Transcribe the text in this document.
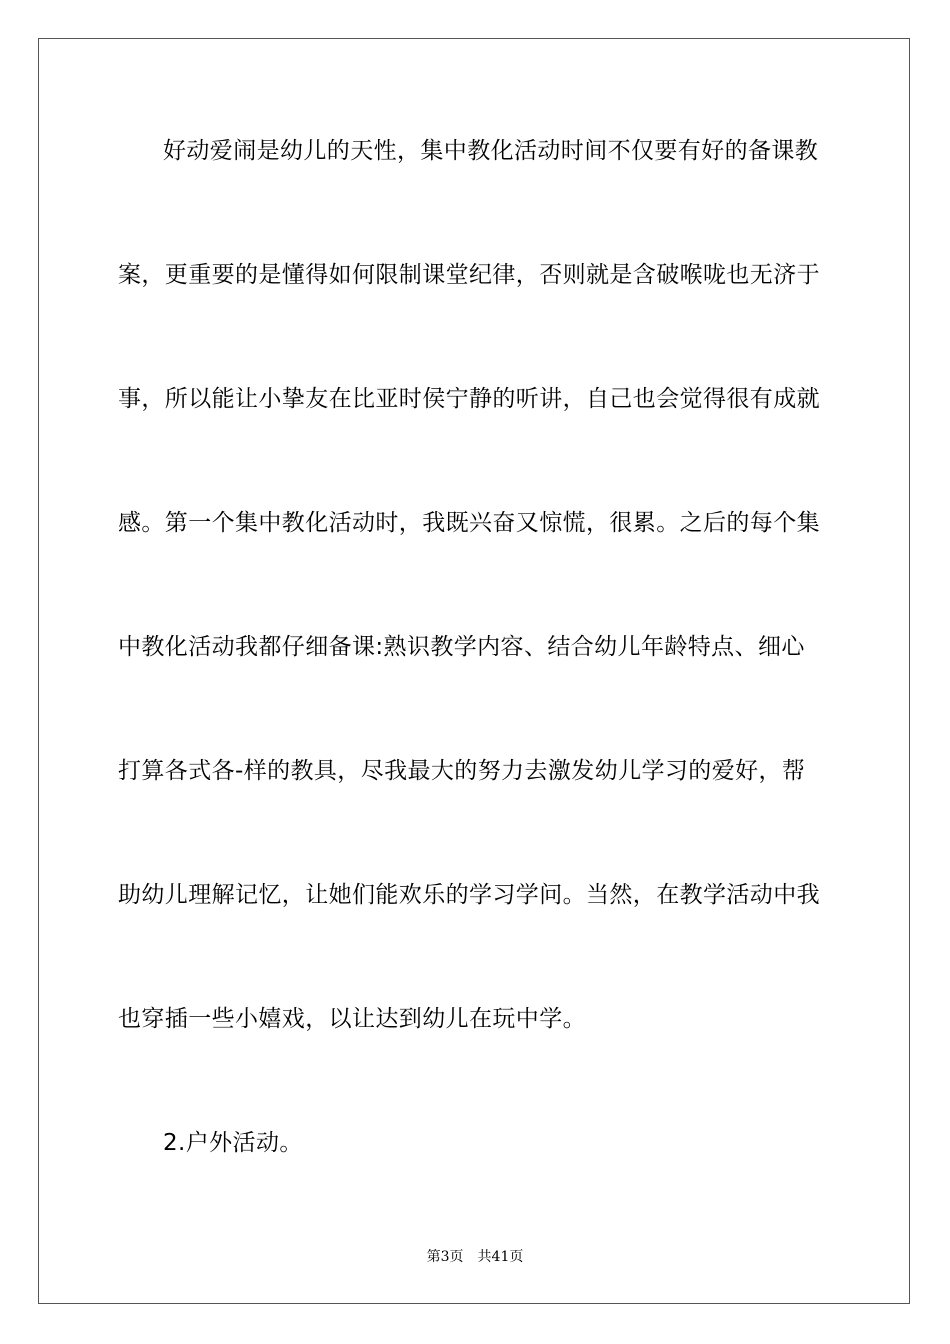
好动爱闹是幼儿的天性，集中教化活动时间不仅要有好的备课教
案，更重要的是懂得如何限制课堂纪律，否则就是含破喉咙也无济于
事，所以能让小挚友在比亚时侯宁静的听讲，自己也会觉得很有成就
感。第一个集中教化活动时，我既兴奋又惊慌，很累。之后的每个集
中教化活动我都仔细备课:熟识教学内容、结合幼儿年龄特点、细心
打算各式各-样的教具，尽我最大的努力去激发幼儿学习的爱好，帮
助幼儿理解记忆，让她们能欢乐的学习学问。当然，在教学活动中我
也穿插一些小嬉戏，以让达到幼儿在玩中学。
2.户外活动。
第3页 共41页
